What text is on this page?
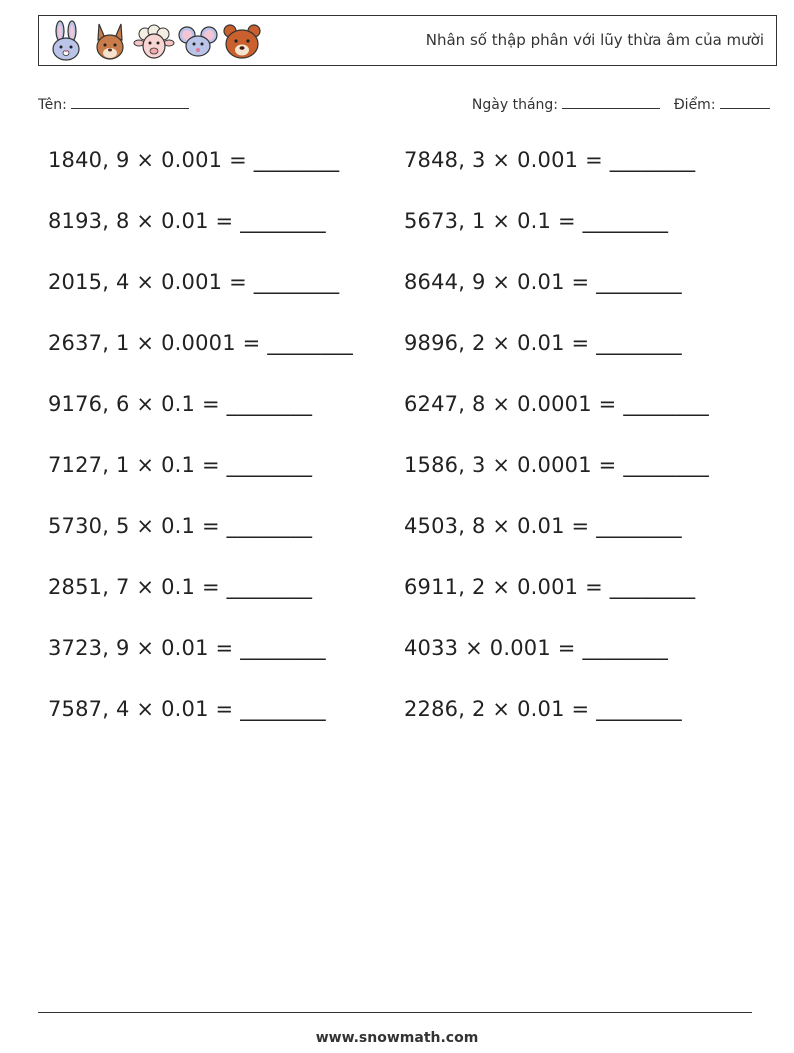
Nhân số thập phân với lũy thừa âm của mười
Tên:	Ngày tháng:	Điểm:
1840, 9 × 0.001 = ________
8193, 8 × 0.01 = ________
2015, 4 × 0.001 = ________
2637, 1 × 0.0001 = ________
9176, 6 × 0.1 = ________
7127, 1 × 0.1 = ________
5730, 5 × 0.1 = ________
2851, 7 × 0.1 = ________
3723, 9 × 0.01 = ________
7587, 4 × 0.01 = ________
7848, 3 × 0.001 = ________
5673, 1 × 0.1 = ________
8644, 9 × 0.01 = ________
9896, 2 × 0.01 = ________
6247, 8 × 0.0001 = ________
1586, 3 × 0.0001 = ________
4503, 8 × 0.01 = ________
6911, 2 × 0.001 = ________
4033 × 0.001 = ________
2286, 2 × 0.01 = ________
www.snowmath.com
